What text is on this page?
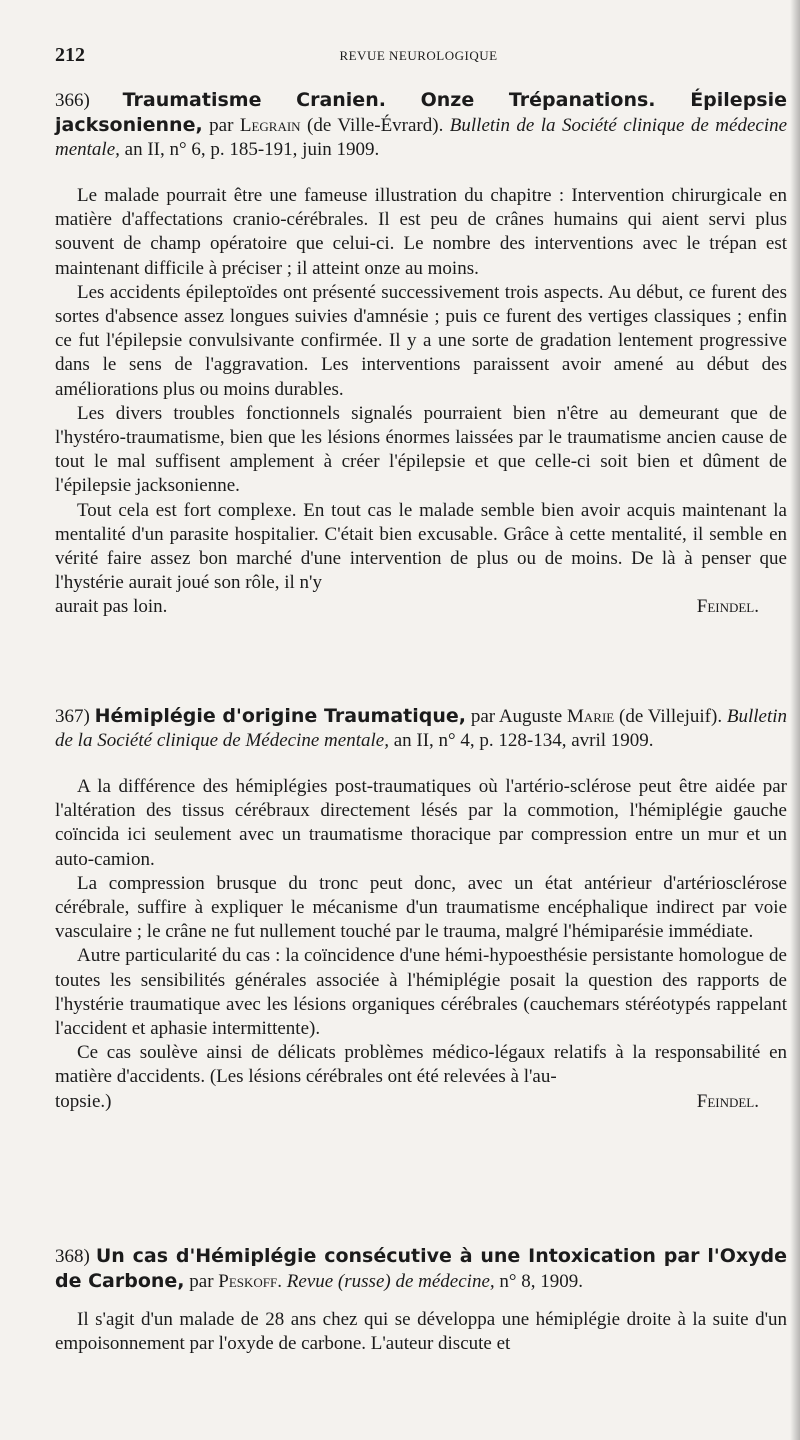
212	REVUE NEUROLOGIQUE
366) Traumatisme Cranien. Onze Trépanations. Épilepsie jacksonienne, par Legrain (de Ville-Évrard). Bulletin de la Société clinique de médecine mentale, an II, n° 6, p. 185-191, juin 1909.

Le malade pourrait être une fameuse illustration du chapitre : Intervention chirurgicale en matière d'affectations cranio-cérébrales. Il est peu de crânes humains qui aient servi plus souvent de champ opératoire que celui-ci. Le nombre des interventions avec le trépan est maintenant difficile à préciser ; il atteint onze au moins.

Les accidents épileptoïdes ont présenté successivement trois aspects. Au début, ce furent des sortes d'absence assez longues suivies d'amnésie ; puis ce furent des vertiges classiques ; enfin ce fut l'épilepsie convulsivante confirmée. Il y a une sorte de gradation lentement progressive dans le sens de l'aggravation. Les interventions paraissent avoir amené au début des améliorations plus ou moins durables.

Les divers troubles fonctionnels signalés pourraient bien n'être au demeurant que de l'hystéro-traumatisme, bien que les lésions énormes laissées par le traumatisme ancien cause de tout le mal suffisent amplement à créer l'épilepsie et que celle-ci soit bien et dûment de l'épilepsie jacksonienne.

Tout cela est fort complexe. En tout cas le malade semble bien avoir acquis maintenant la mentalité d'un parasite hospitalier. C'était bien excusable. Grâce à cette mentalité, il semble en vérité faire assez bon marché d'une intervention de plus ou de moins. De là à penser que l'hystérie aurait joué son rôle, il n'y

aurait pas loin.	Feindel.
367) Hémiplégie d'origine Traumatique, par Auguste Marie (de Villejuif). Bulletin de la Société clinique de Médecine mentale, an II, n° 4, p. 128-134, avril 1909.

A la différence des hémiplégies post-traumatiques où l'artério-sclérose peut être aidée par l'altération des tissus cérébraux directement lésés par la commotion, l'hémiplégie gauche coïncida ici seulement avec un traumatisme thoracique par compression entre un mur et un auto-camion.

La compression brusque du tronc peut donc, avec un état antérieur d'artériosclérose cérébrale, suffire à expliquer le mécanisme d'un traumatisme encéphalique indirect par voie vasculaire ; le crâne ne fut nullement touché par le trauma, malgré l'hémiparésie immédiate.

Autre particularité du cas : la coïncidence d'une hémi-hypoesthésie persistante homologue de toutes les sensibilités générales associée à l'hémiplégie posait la question des rapports de l'hystérie traumatique avec les lésions organiques cérébrales (cauchemars stéréotypés rappelant l'accident et aphasie intermittente).

Ce cas soulève ainsi de délicats problèmes médico-légaux relatifs à la responsabilité en matière d'accidents. (Les lésions cérébrales ont été relevées à l'au-

topsie.)	Feindel.
368) Un cas d'Hémiplégie consécutive à une Intoxication par l'Oxyde de Carbone, par Peskoff. Revue (russe) de médecine, n° 8, 1909.

Il s'agit d'un malade de 28 ans chez qui se développa une hémiplégie droite à la suite d'un empoisonnement par l'oxyde de carbone. L'auteur discute et
